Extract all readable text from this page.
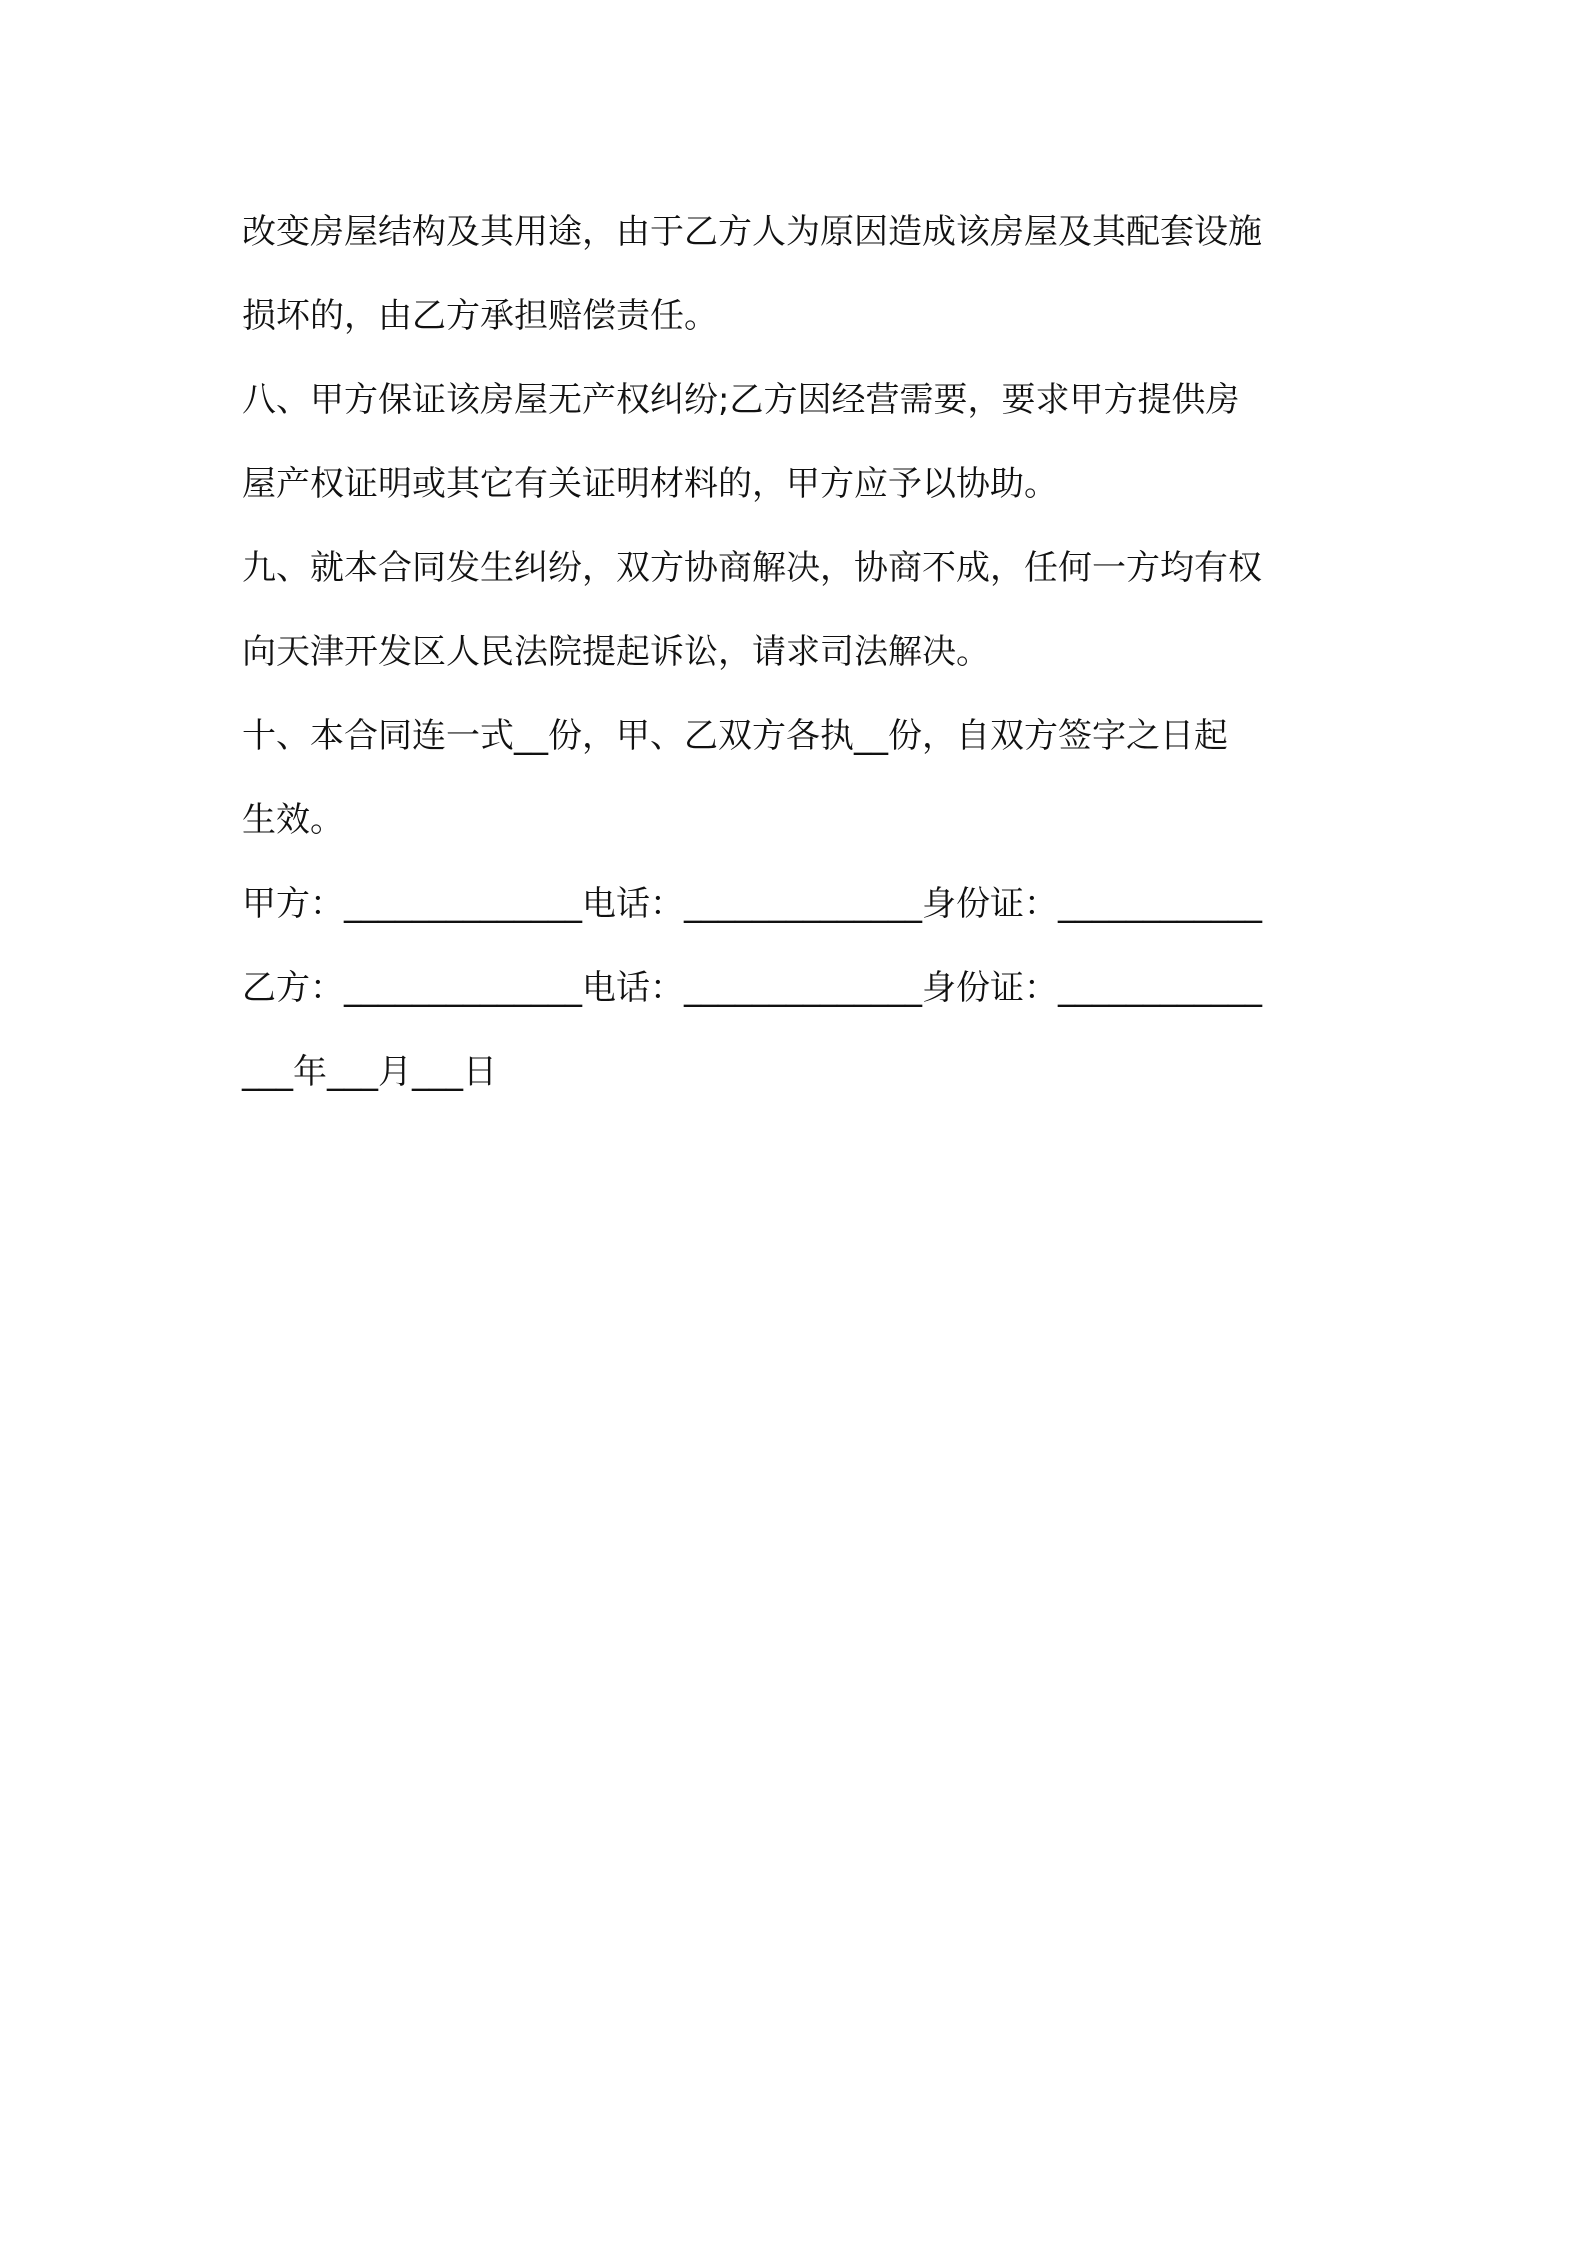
改变房屋结构及其用途，由于乙方人为原因造成该房屋及其配套设施
损坏的，由乙方承担赔偿责任。
八、甲方保证该房屋无产权纠纷;乙方因经营需要，要求甲方提供房
屋产权证明或其它有关证明材料的，甲方应予以协助。
九、就本合同发生纠纷，双方协商解决，协商不成，任何一方均有权
向天津开发区人民法院提起诉讼，请求司法解决。
十、本合同连一式__份，甲、乙双方各执__份，自双方签字之日起
生效。
甲方：______________电话：______________身份证：____________
乙方：______________电话：______________身份证：____________
___年___月___日
